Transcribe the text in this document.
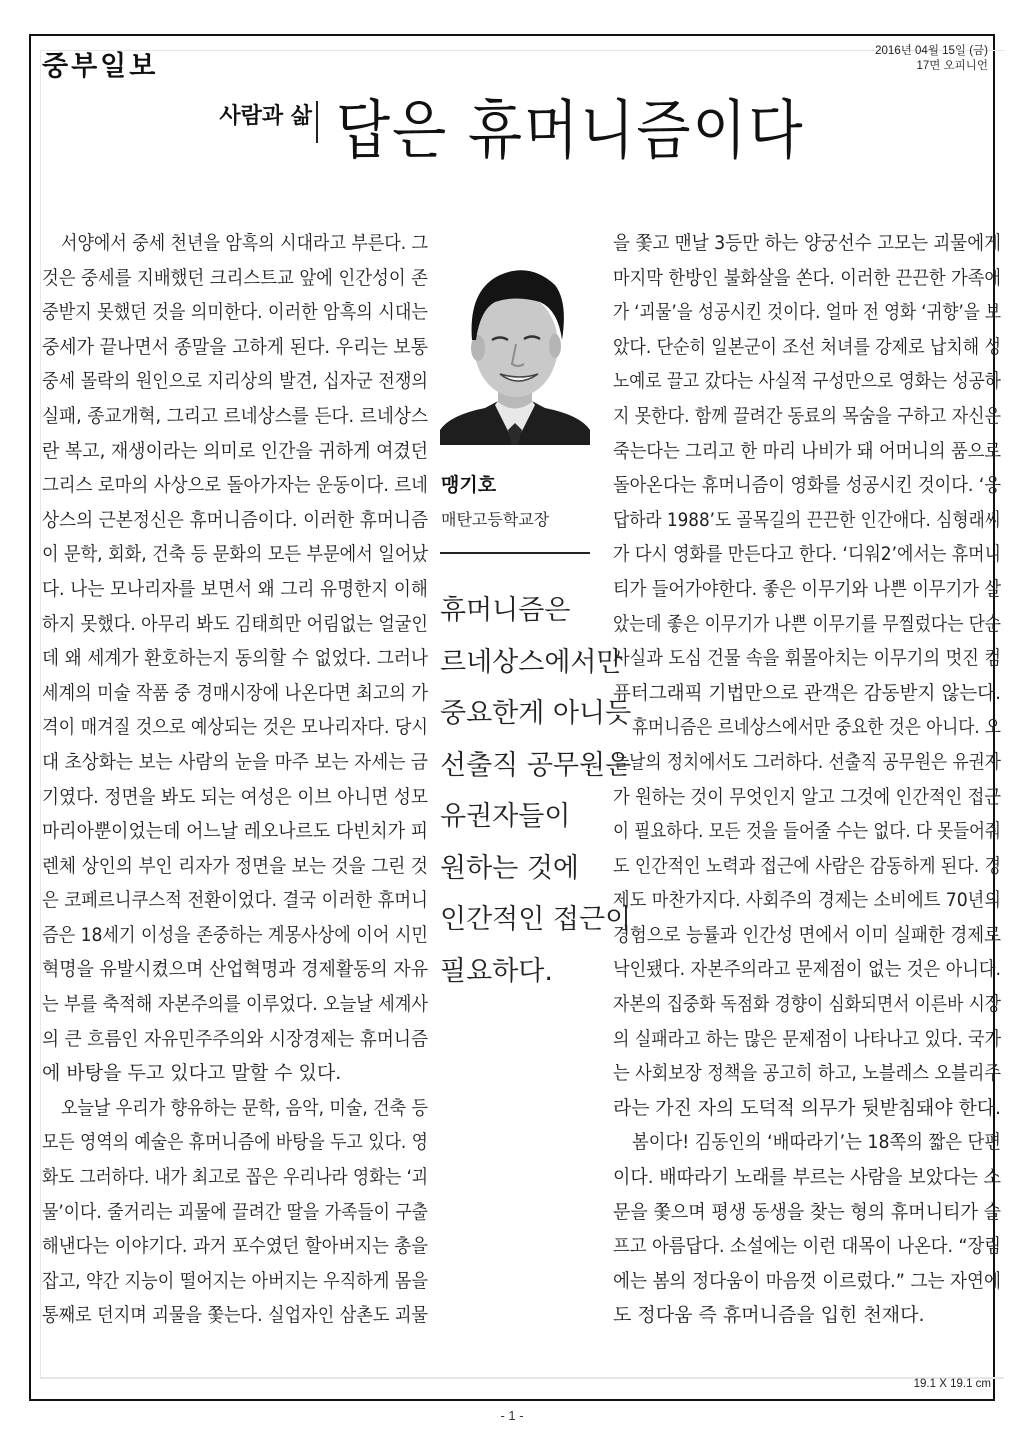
중부일보	2016년 04월 15일 (금)
17면 오피니언
사람과 삶 답은 휴머니즘이다
서양에서 중세 천년을 암흑의 시대라고 부른다. 그
것은 중세를 지배했던 크리스트교 앞에 인간성이 존
중받지 못했던 것을 의미한다. 이러한 암흑의 시대는
중세가 끝나면서 종말을 고하게 된다. 우리는 보통
중세 몰락의 원인으로 지리상의 발견, 십자군 전쟁의
실패, 종교개혁, 그리고 르네상스를 든다. 르네상스
란 복고, 재생이라는 의미로 인간을 귀하게 여겼던
그리스 로마의 사상으로 돌아가자는 운동이다. 르네
상스의 근본정신은 휴머니즘이다. 이러한 휴머니즘
이 문학, 회화, 건축 등 문화의 모든 부문에서 일어났
다. 나는 모나리자를 보면서 왜 그리 유명한지 이해
하지 못했다. 아무리 봐도 김태희만 어림없는 얼굴인
데 왜 세계가 환호하는지 동의할 수 없었다. 그러나
세계의 미술 작품 중 경매시장에 나온다면 최고의 가
격이 매겨질 것으로 예상되는 것은 모나리자다. 당시
대 초상화는 보는 사람의 눈을 마주 보는 자세는 금
기였다. 정면을 봐도 되는 여성은 이브 아니면 성모
마리아뿐이었는데 어느날 레오나르도 다빈치가 피
렌체 상인의 부인 리자가 정면을 보는 것을 그린 것
은 코페르니쿠스적 전환이었다. 결국 이러한 휴머니
즘은 18세기 이성을 존중하는 계몽사상에 이어 시민
혁명을 유발시켰으며 산업혁명과 경제활동의 자유
는 부를 축적해 자본주의를 이루었다. 오늘날 세계사
의 큰 흐름인 자유민주주의와 시장경제는 휴머니즘
에 바탕을 두고 있다고 말할 수 있다.
오늘날 우리가 향유하는 문학, 음악, 미술, 건축 등
모든 영역의 예술은 휴머니즘에 바탕을 두고 있다. 영
화도 그러하다. 내가 최고로 꼽은 우리나라 영화는 ‘괴
물’이다. 줄거리는 괴물에 끌려간 딸을 가족들이 구출
해낸다는 이야기다. 과거 포수였던 할아버지는 총을
잡고, 약간 지능이 떨어지는 아버지는 우직하게 몸을
통째로 던지며 괴물을 쫓는다. 실업자인 삼촌도 괴물
맹기호
매탄고등학교장
휴머니즘은
르네상스에서만
중요한게 아니듯
선출직 공무원은
유권자들이
원하는 것에
인간적인 접근이
필요하다.
을 쫓고 맨날 3등만 하는 양궁선수 고모는 괴물에게
마지막 한방인 불화살을 쏜다. 이러한 끈끈한 가족애
가 ‘괴물’을 성공시킨 것이다. 얼마 전 영화 ‘귀향’을 보
았다. 단순히 일본군이 조선 처녀를 강제로 납치해 성
노예로 끌고 갔다는 사실적 구성만으로 영화는 성공하
지 못한다. 함께 끌려간 동료의 목숨을 구하고 자신은
죽는다는 그리고 한 마리 나비가 돼 어머니의 품으로
돌아온다는 휴머니즘이 영화를 성공시킨 것이다. ‘응
답하라 1988’도 골목길의 끈끈한 인간애다. 심형래씨
가 다시 영화를 만든다고 한다. ‘디워2’에서는 휴머니
티가 들어가야한다. 좋은 이무기와 나쁜 이무기가 살
았는데 좋은 이무기가 나쁜 이무기를 무찔렀다는 단순
사실과 도심 건물 속을 휘몰아치는 이무기의 멋진 컴
퓨터그래픽 기법만으로 관객은 감동받지 않는다.
휴머니즘은 르네상스에서만 중요한 것은 아니다. 오
늘날의 정치에서도 그러하다. 선출직 공무원은 유권자
가 원하는 것이 무엇인지 알고 그것에 인간적인 접근
이 필요하다. 모든 것을 들어줄 수는 없다. 다 못들어줘
도 인간적인 노력과 접근에 사람은 감동하게 된다. 경
제도 마찬가지다. 사회주의 경제는 소비에트 70년의
경험으로 능률과 인간성 면에서 이미 실패한 경제로
낙인됐다. 자본주의라고 문제점이 없는 것은 아니다.
자본의 집중화 독점화 경향이 심화되면서 이른바 시장
의 실패라고 하는 많은 문제점이 나타나고 있다. 국가
는 사회보장 정책을 공고히 하고, 노블레스 오블리주
라는 가진 자의 도덕적 의무가 뒷받침돼야 한다.
봄이다! 김동인의 ‘배따라기’는 18쪽의 짧은 단편
이다. 배따라기 노래를 부르는 사람을 보았다는 소
문을 쫓으며 평생 동생을 찾는 형의 휴머니티가 슬
프고 아름답다. 소설에는 이런 대목이 나온다. “장림
에는 봄의 정다움이 마음껏 이르렀다.” 그는 자연에
도 정다움 즉 휴머니즘을 입힌 천재다.
19.1 X 19.1 cm
- 1 -
